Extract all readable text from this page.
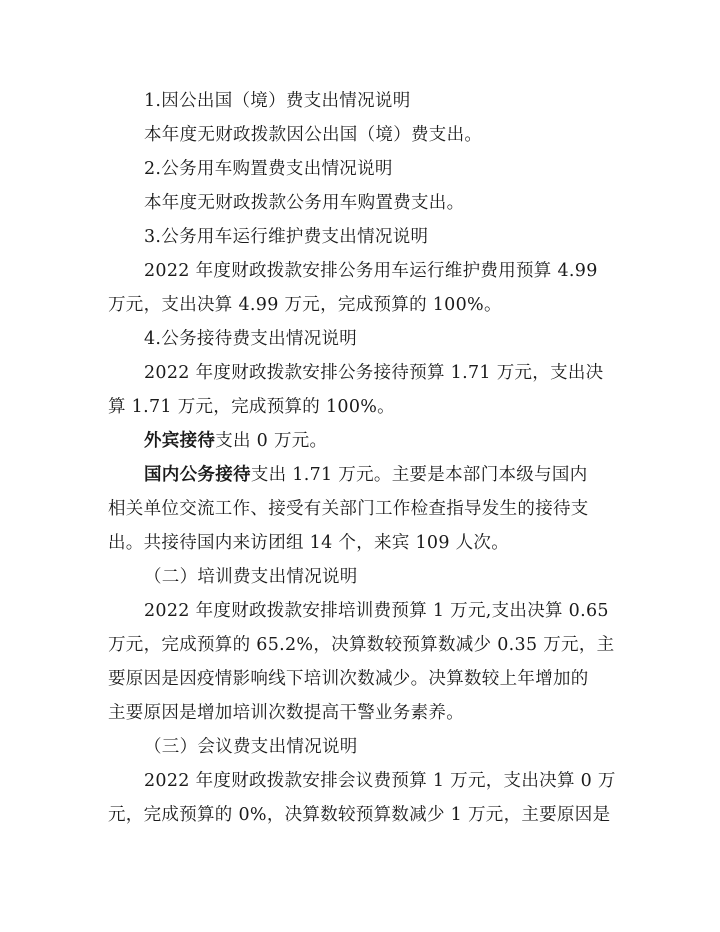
1.因公出国（境）费支出情况说明
本年度无财政拨款因公出国（境）费支出。
2.公务用车购置费支出情况说明
本年度无财政拨款公务用车购置费支出。
3.公务用车运行维护费支出情况说明
2022 年度财政拨款安排公务用车运行维护费用预算 4.99
万元，支出决算 4.99 万元，完成预算的 100%。
4.公务接待费支出情况说明
2022 年度财政拨款安排公务接待预算 1.71 万元，支出决
算 1.71 万元，完成预算的 100%。
外宾接待支出 0 万元。
国内公务接待支出 1.71 万元。主要是本部门本级与国内
相关单位交流工作、接受有关部门工作检查指导发生的接待支
出。共接待国内来访团组 14 个，来宾 109 人次。
（二）培训费支出情况说明
2022 年度财政拨款安排培训费预算 1 万元,支出决算 0.65
万元，完成预算的 65.2%，决算数较预算数减少 0.35 万元，主
要原因是因疫情影响线下培训次数减少。决算数较上年增加的
主要原因是增加培训次数提高干警业务素养。
（三）会议费支出情况说明
2022 年度财政拨款安排会议费预算 1 万元，支出决算 0 万
元，完成预算的 0%，决算数较预算数减少 1 万元，主要原因是
